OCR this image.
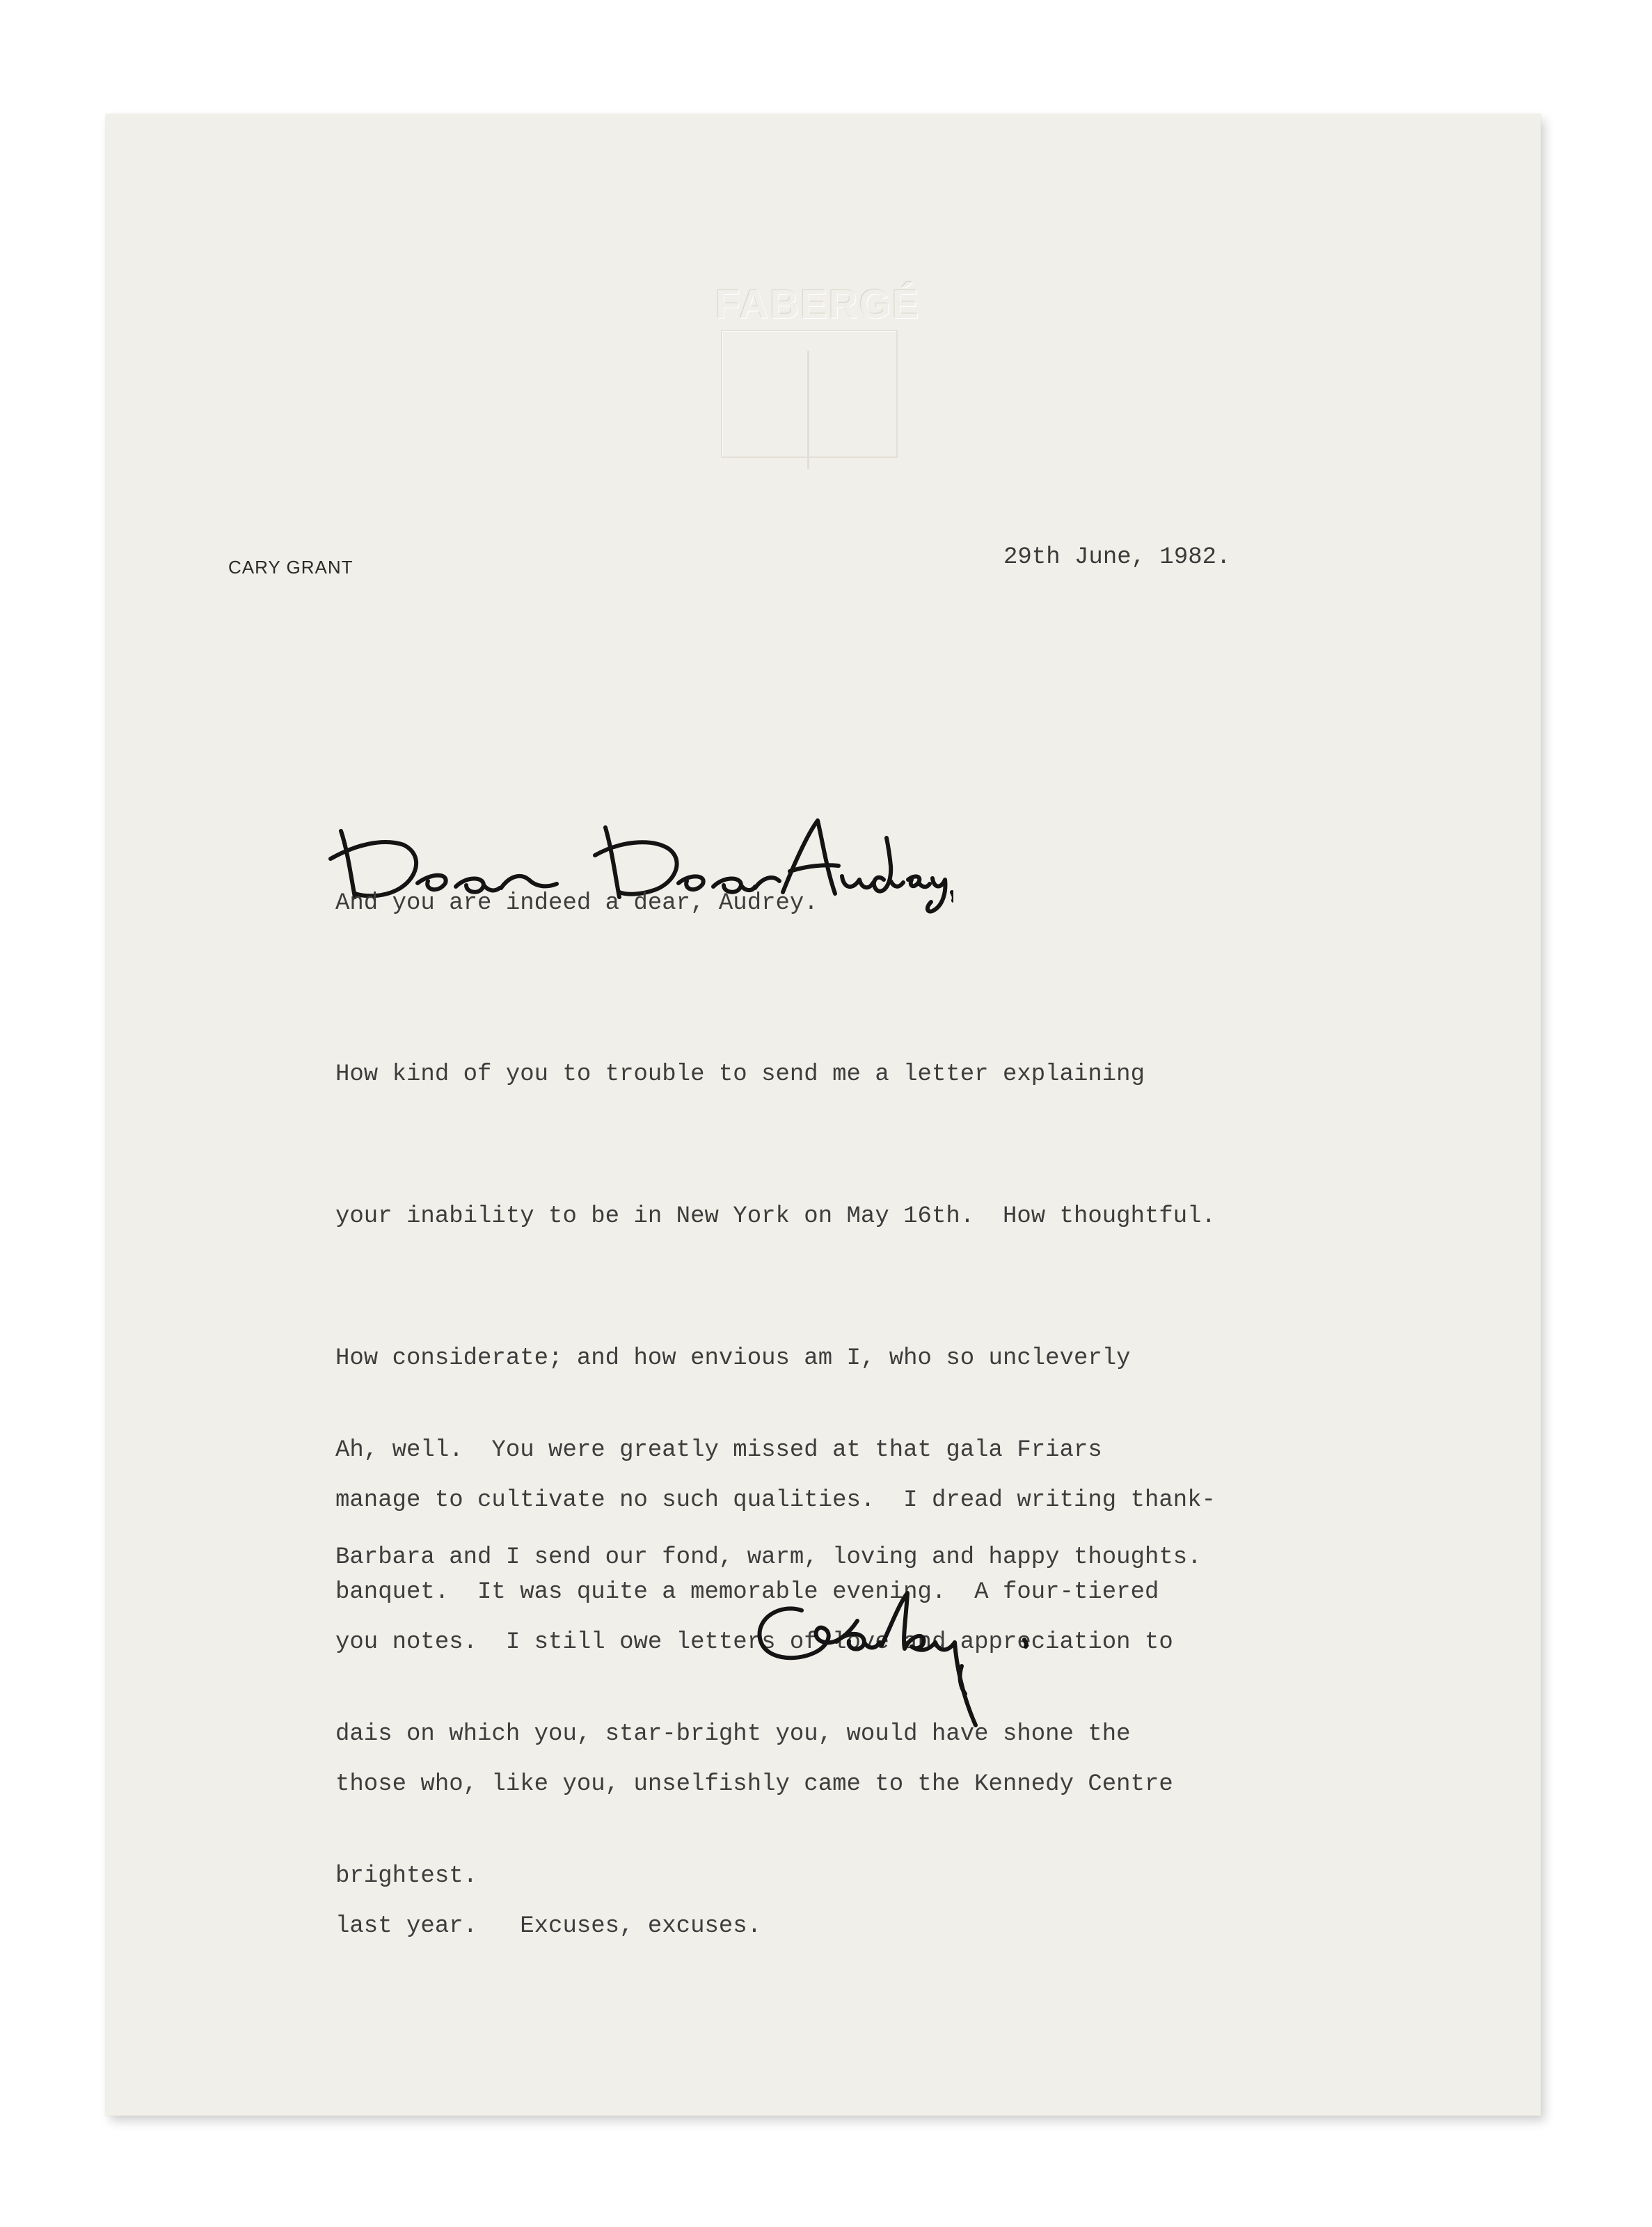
FABERGÉ
CARY GRANT	29th June, 1982.
And you are indeed a dear, Audrey.

How kind of you to trouble to send me a letter explaining

your inability to be in New York on May 16th.  How thoughtful.

How considerate; and how envious am I, who so uncleverly

manage to cultivate no such qualities.  I dread writing thank-

you notes.  I still owe letters of love and appreciation to

those who, like you, unselfishly came to the Kennedy Centre

last year.   Excuses, excuses.

Ah, well.  You were greatly missed at that gala Friars

banquet.  It was quite a memorable evening.  A four-tiered

dais on which you, star-bright you, would have shone the

brightest.

Barbara and I send our fond, warm, loving and happy thoughts.
